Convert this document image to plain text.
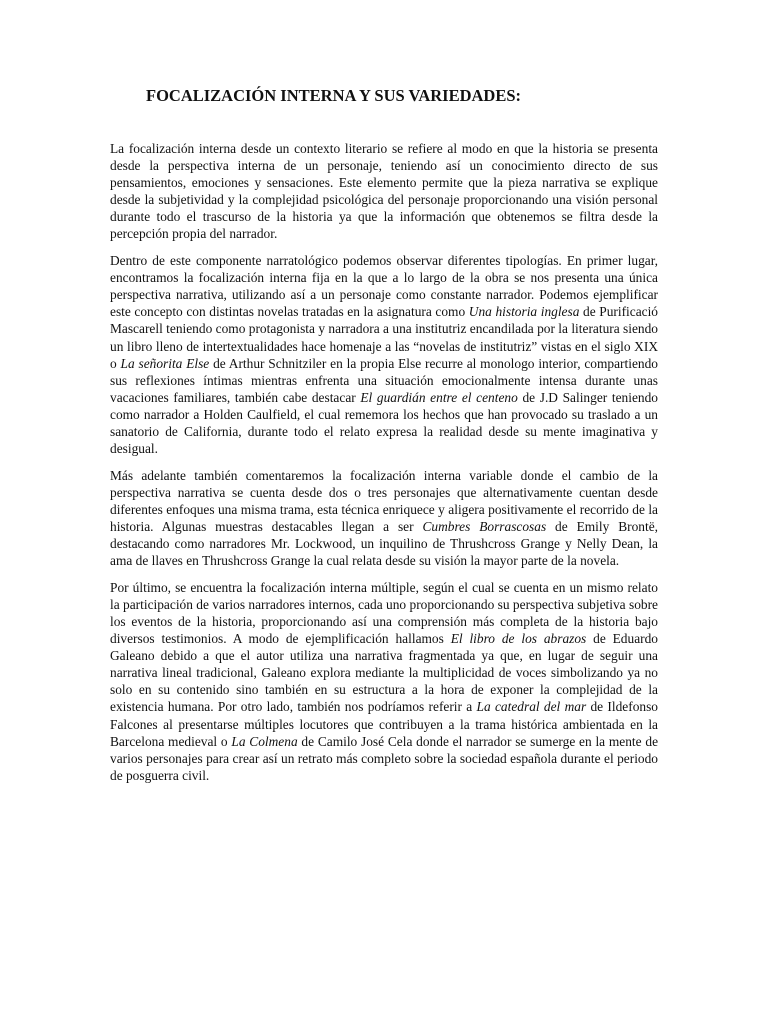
FOCALIZACIÓN INTERNA Y SUS VARIEDADES:

La focalización interna desde un contexto literario se refiere al modo en que la historia se presenta desde la perspectiva interna de un personaje, teniendo así un conocimiento directo de sus pensamientos, emociones y sensaciones. Este elemento permite que la pieza narrativa se explique desde la subjetividad y la complejidad psicológica del personaje proporcionando una visión personal durante todo el trascurso de la historia ya que la información que obtenemos se filtra desde la percepción propia del narrador.

Dentro de este componente narratológico podemos observar diferentes tipologías. En primer lugar, encontramos la focalización interna fija en la que a lo largo de la obra se nos presenta una única perspectiva narrativa, utilizando así a un personaje como constante narrador. Podemos ejemplificar este concepto con distintas novelas tratadas en la asignatura como Una historia inglesa de Purificació Mascarell teniendo como protagonista y narradora a una institutriz encandilada por la literatura siendo un libro lleno de intertextualidades hace homenaje a las “novelas de institutriz” vistas en el siglo XIX o La señorita Else de Arthur Schnitziler en la propia Else recurre al monologo interior, compartiendo sus reflexiones íntimas mientras enfrenta una situación emocionalmente intensa durante unas vacaciones familiares, también cabe destacar El guardián entre el centeno de J.D Salinger teniendo como narrador a Holden Caulfield, el cual rememora los hechos que han provocado su traslado a un sanatorio de California, durante todo el relato expresa la realidad desde su mente imaginativa y desigual.

Más adelante también comentaremos la focalización interna variable donde el cambio de la perspectiva narrativa se cuenta desde dos o tres personajes que alternativamente cuentan desde diferentes enfoques una misma trama, esta técnica enriquece y aligera positivamente el recorrido de la historia. Algunas muestras destacables llegan a ser Cumbres Borrascosas de Emily Brontë, destacando como narradores Mr. Lockwood, un inquilino de Thrushcross Grange y Nelly Dean, la ama de llaves en Thrushcross Grange la cual relata desde su visión la mayor parte de la novela.

Por último, se encuentra la focalización interna múltiple, según el cual se cuenta en un mismo relato la participación de varios narradores internos, cada uno proporcionando su perspectiva subjetiva sobre los eventos de la historia, proporcionando así una comprensión más completa de la historia bajo diversos testimonios. A modo de ejemplificación hallamos El libro de los abrazos de Eduardo Galeano debido a que el autor utiliza una narrativa fragmentada ya que, en lugar de seguir una narrativa lineal tradicional, Galeano explora mediante la multiplicidad de voces simbolizando ya no solo en su contenido sino también en su estructura a la hora de exponer la complejidad de la existencia humana. Por otro lado, también nos podríamos referir a La catedral del mar de Ildefonso Falcones al presentarse múltiples locutores que contribuyen a la trama histórica ambientada en la Barcelona medieval o La Colmena de Camilo José Cela donde el narrador se sumerge en la mente de varios personajes para crear así un retrato más completo sobre la sociedad española durante el periodo de posguerra civil.
